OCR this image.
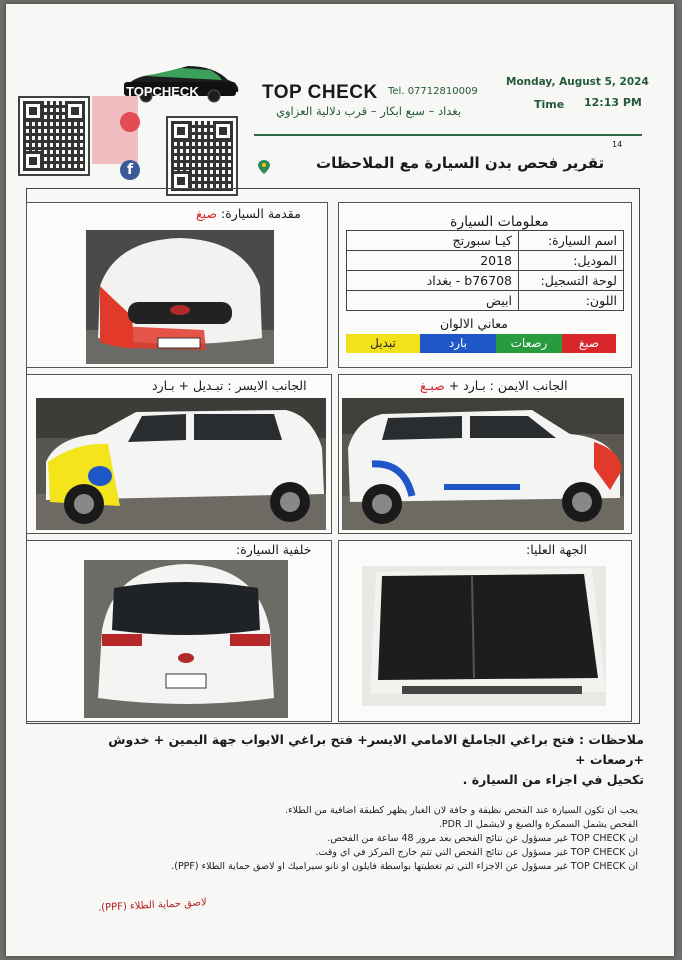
f
TOPCHECK	TOP CHECK Tel. 07712810009
بغداد – سبع ابكار – قرب دلالية العزاوي
Monday, August 5, 2024
Time 12:13 PM
14
تقرير فحص بدن السيارة مع الملاحظات
مقدمة السيارة: صبغ
معلومات السيارة
اسم السيارة:	كيـا سبورتج
الموديل:	2018
لوحة التسجيل:	b76708 - بغداد
اللون:	ابيض
معاني الالوان
صبغ
رصعات
بارد
تبديل
الجانب الايسر : تبـديل + بـارد	الجانب الايمن : بـارد + صبـغ
خلفية السيارة:	الجهة العليا:
ملاحظات : فتح براغي الجاملغ الامامي الايسر+ فتح براغي الابواب جهة اليمين + خدوش +رصعات +
تكحيل في اجزاء من السيارة .
يجب ان تكون السيارة عند الفحص نظيفة و جافة لان الغبار يظهر كطبقة اضافية من الطلاء.
الفحص يشمل السمكرة والصبغ و لايشمل الـ PDR.
ان TOP CHECK غير مسؤول عن نتائج الفحص بعد مرور 48 ساعة من الفحص.
ان TOP CHECK غير مسؤول عن نتائج الفحص التي تتم خارج المركز في اي وقت.
ان TOP CHECK غير مسؤول عن الاجزاء التي تم تغطيتها بواسطة فايلون او نانو سيراميك او لاصق حماية الطلاء (PPF).
لاصق حماية الطلاء (PPF).
